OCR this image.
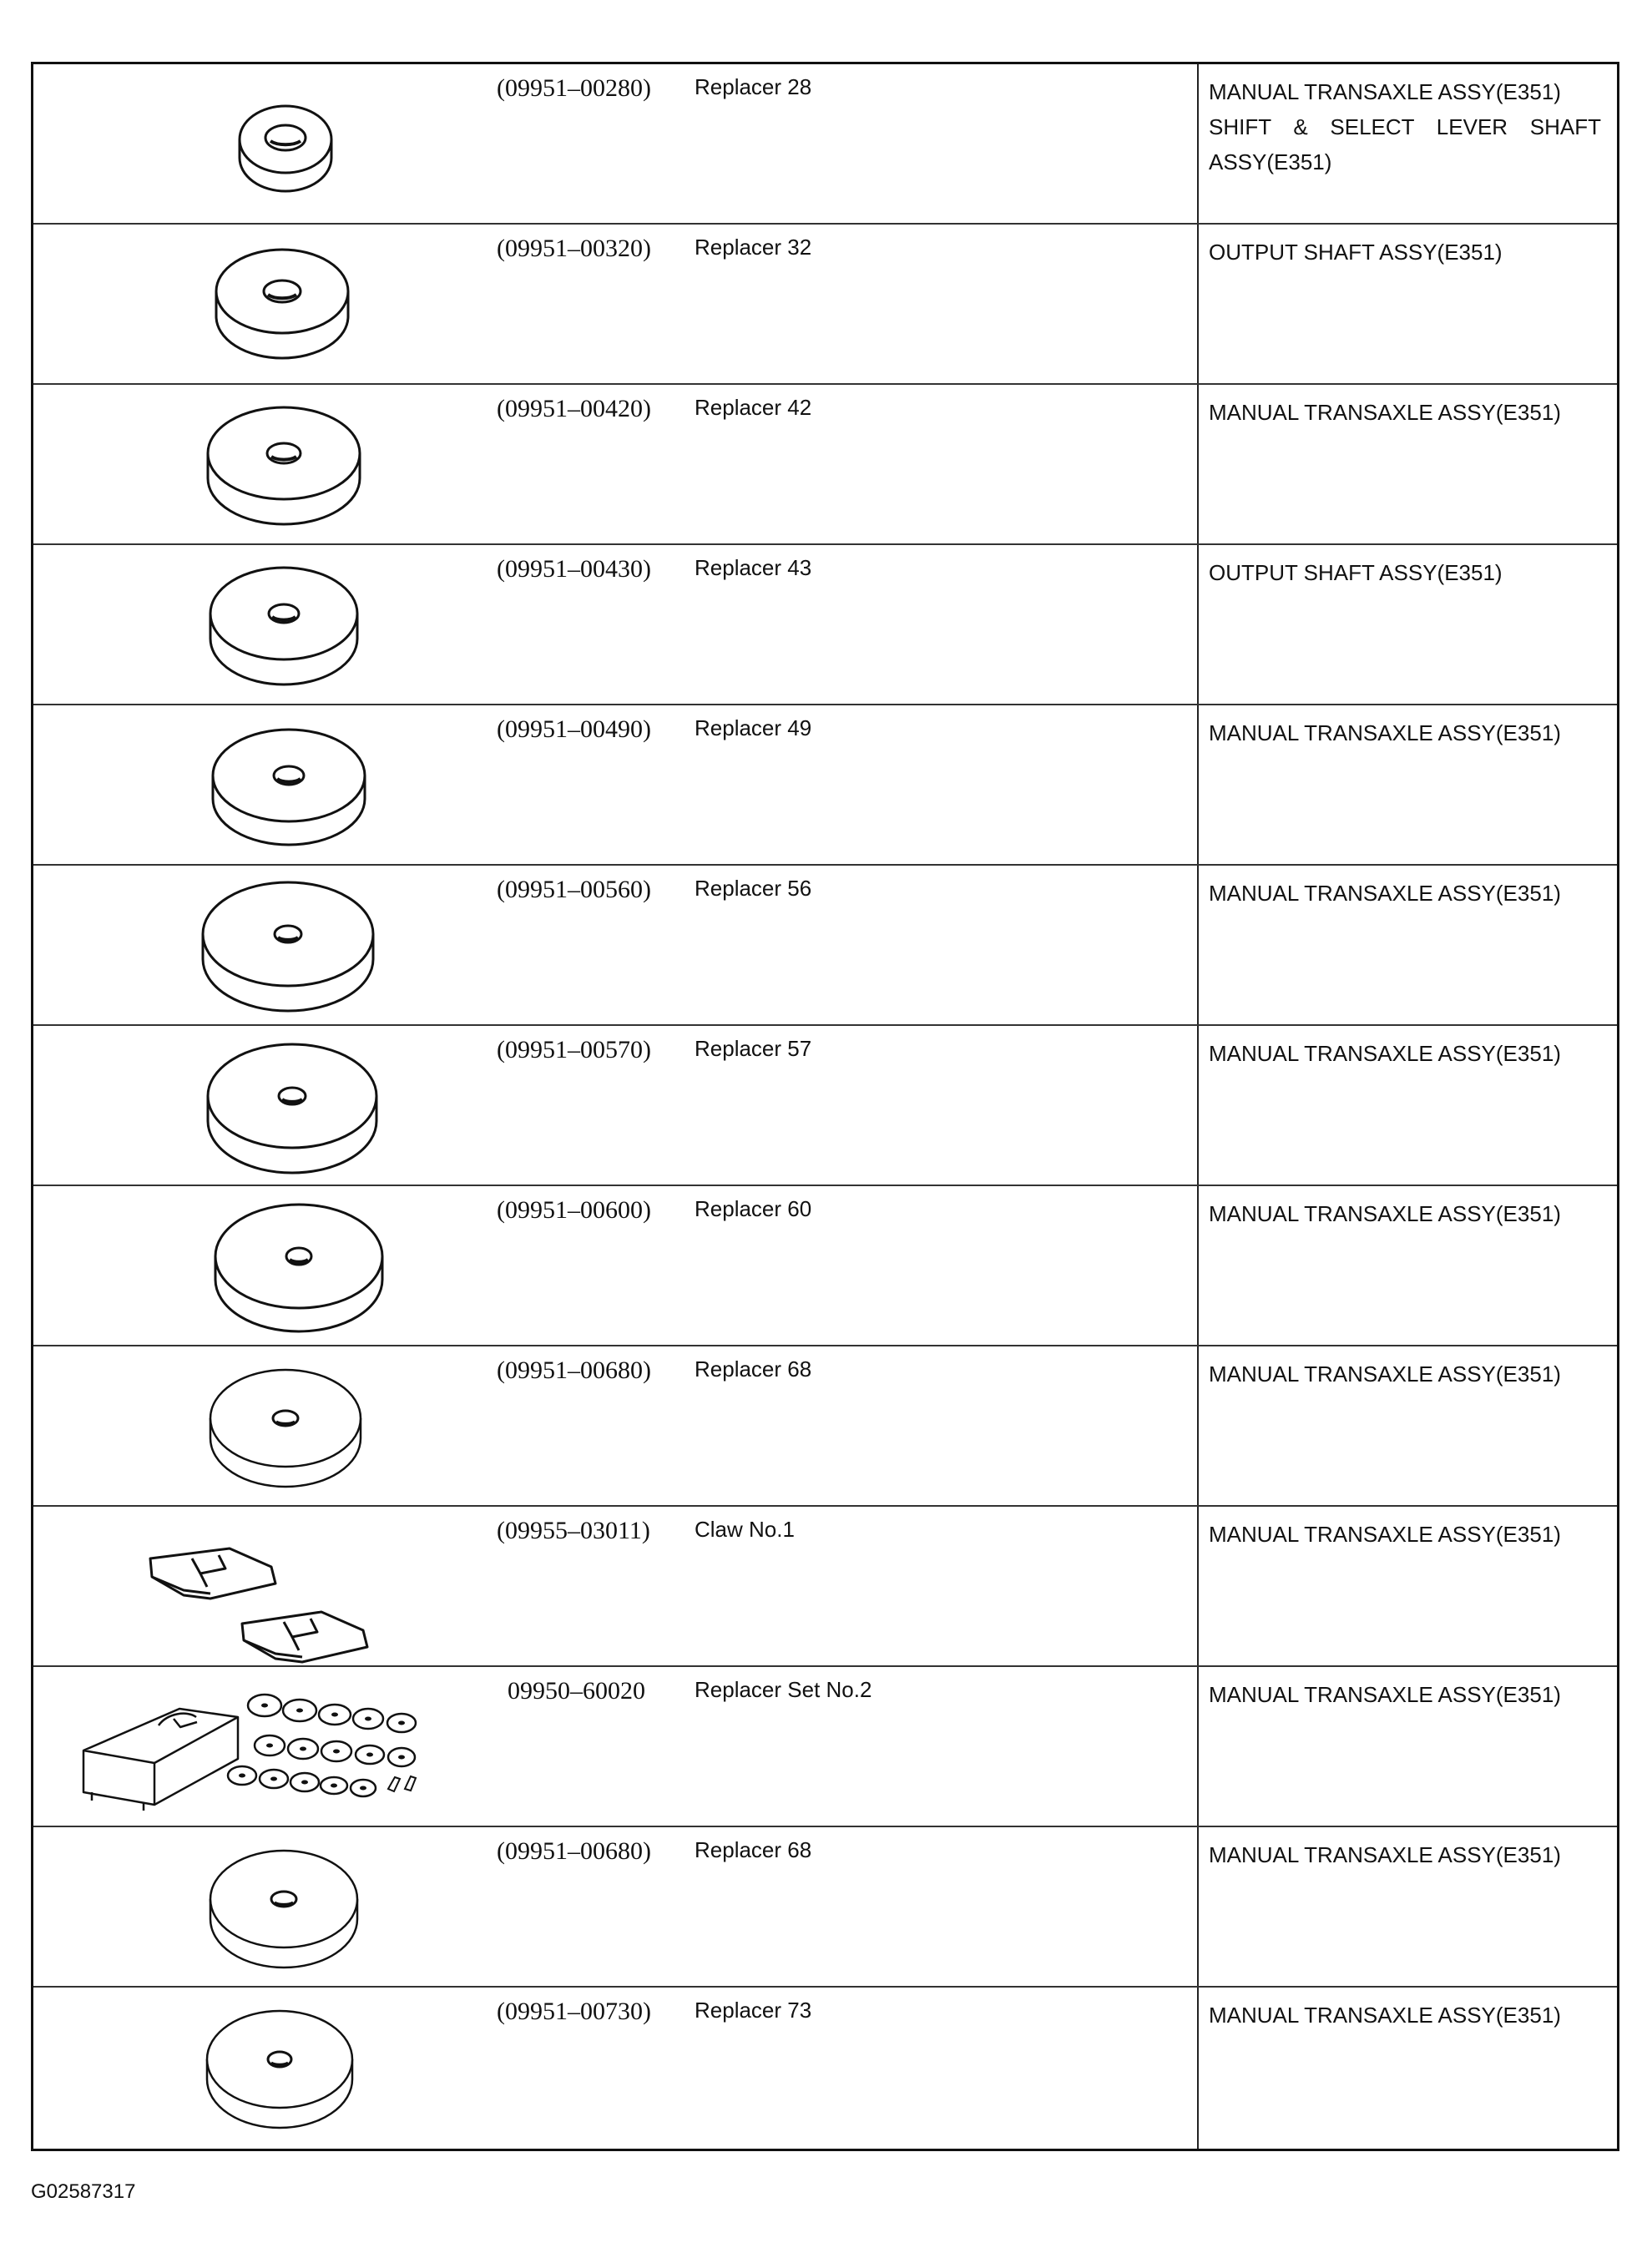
(09951–00280)	Replacer 28	MANUAL TRANSAXLE ASSY(E351)
SHIFT & SELECT LEVER SHAFT
ASSY(E351)
(09951–00320)	Replacer 32	OUTPUT SHAFT ASSY(E351)
(09951–00420)	Replacer 42	MANUAL TRANSAXLE ASSY(E351)
(09951–00430)	Replacer 43	OUTPUT SHAFT ASSY(E351)
(09951–00490)	Replacer 49	MANUAL TRANSAXLE ASSY(E351)
(09951–00560)	Replacer 56	MANUAL TRANSAXLE ASSY(E351)
(09951–00570)	Replacer 57	MANUAL TRANSAXLE ASSY(E351)
(09951–00600)	Replacer 60	MANUAL TRANSAXLE ASSY(E351)
(09951–00680)	Replacer 68	MANUAL TRANSAXLE ASSY(E351)
(09955–03011)	Claw No.1	MANUAL TRANSAXLE ASSY(E351)
09950–60020	Replacer Set No.2	MANUAL TRANSAXLE ASSY(E351)
(09951–00680)	Replacer 68	MANUAL TRANSAXLE ASSY(E351)
(09951–00730)	Replacer 73	MANUAL TRANSAXLE ASSY(E351)
G02587317
